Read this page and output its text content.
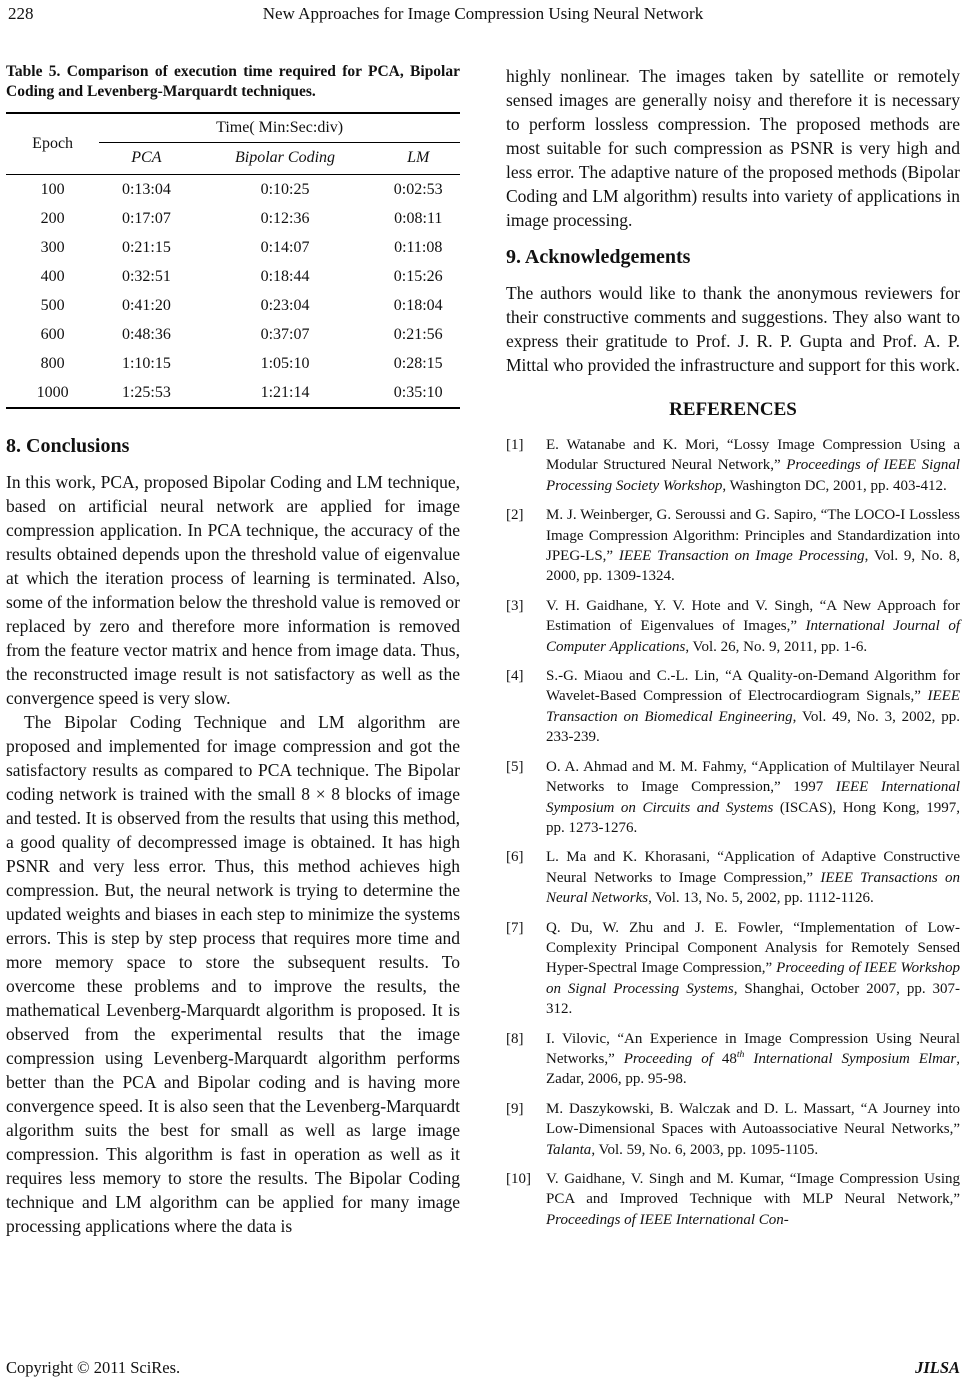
228	New Approaches for Image Compression Using Neural Network

Table 5. Comparison of execution time required for PCA, Bipolar Coding and Levenberg-Marquardt techniques.

Epoch	Time( Min:Sec:div)		
	PCA	Bipolar Coding	LM
100	0:13:04	0:10:25	0:02:53
200	0:17:07	0:12:36	0:08:11
300	0:21:15	0:14:07	0:11:08
400	0:32:51	0:18:44	0:15:26
500	0:41:20	0:23:04	0:18:04
600	0:48:36	0:37:07	0:21:56
800	1:10:15	1:05:10	0:28:15
1000	1:25:53	1:21:14	0:35:10
8. Conclusions

In this work, PCA, proposed Bipolar Coding and LM technique, based on artificial neural network are applied for image compression application. In PCA technique, the accuracy of the results obtained depends upon the threshold value of eigenvalue at which the iteration process of learning is terminated. Also, some of the information below the threshold value is removed or replaced by zero and therefore more information is removed from the feature vector matrix and hence from image data. Thus, the reconstructed image result is not satisfactory as well as the convergence speed is very slow.

The Bipolar Coding Technique and LM algorithm are proposed and implemented for image compression and got the satisfactory results as compared to PCA technique. The Bipolar coding network is trained with the small 8 × 8 blocks of image and tested. It is observed from the results that using this method, a good quality of decompressed image is obtained. It has high PSNR and very less error. Thus, this method achieves high compression. But, the neural network is trying to determine the updated weights and biases in each step to minimize the systems errors. This is step by step process that requires more time and more memory space to store the subsequent results. To overcome these problems and to improve the results, the mathematical Levenberg-Marquardt algorithm is proposed. It is observed from the experimental results that the image compression using Levenberg-Marquardt algorithm performs better than the PCA and Bipolar coding and is having more convergence speed. It is also seen that the Levenberg-Marquardt algorithm suits the best for small as well as large image compression. This algorithm is fast in operation as well as it requires less memory to store the results. The Bipolar Coding technique and LM algorithm can be applied for many image processing applications where the data is

highly nonlinear. The images taken by satellite or remotely sensed images are generally noisy and therefore it is necessary to perform lossless compression. The proposed methods are most suitable for such compression as PSNR is very high and less error. The adaptive nature of the proposed methods (Bipolar Coding and LM algorithm) results into variety of applications in image processing.

9. Acknowledgements

The authors would like to thank the anonymous reviewers for their constructive comments and suggestions. They also want to express their gratitude to Prof. J. R. P. Gupta and Prof. A. P. Mittal who provided the infrastructure and support for this work.

REFERENCES
[1]	E. Watanabe and K. Mori, “Lossy Image Compression Using a Modular Structured Neural Network,” Proceedings of IEEE Signal Processing Society Workshop, Washington DC, 2001, pp. 403-412.
[2]	M. J. Weinberger, G. Seroussi and G. Sapiro, “The LOCO-I Lossless Image Compression Algorithm: Principles and Standardization into JPEG-LS,” IEEE Transaction on Image Processing, Vol. 9, No. 8, 2000, pp. 1309-1324.
[3]	V. H. Gaidhane, Y. V. Hote and V. Singh, “A New Approach for Estimation of Eigenvalues of Images,” International Journal of Computer Applications, Vol. 26, No. 9, 2011, pp. 1-6.
[4]	S.-G. Miaou and C.-L. Lin, “A Quality-on-Demand Algorithm for Wavelet-Based Compression of Electrocardiogram Signals,” IEEE Transaction on Biomedical Engineering, Vol. 49, No. 3, 2002, pp. 233-239.
[5]	O. A. Ahmad and M. M. Fahmy, “Application of Multilayer Neural Networks to Image Compression,” 1997 IEEE International Symposium on Circuits and Systems (ISCAS), Hong Kong, 1997, pp. 1273-1276.
[6]	L. Ma and K. Khorasani, “Application of Adaptive Constructive Neural Networks to Image Compression,” IEEE Transactions on Neural Networks, Vol. 13, No. 5, 2002, pp. 1112-1126.
[7]	Q. Du, W. Zhu and J. E. Fowler, “Implementation of Low-Complexity Principal Component Analysis for Remotely Sensed Hyper-Spectral Image Compression,” Proceeding of IEEE Workshop on Signal Processing Systems, Shanghai, October 2007, pp. 307-312.
[8]	I. Vilovic, “An Experience in Image Compression Using Neural Networks,” Proceeding of 48th International Symposium Elmar, Zadar, 2006, pp. 95-98.
[9]	M. Daszykowski, B. Walczak and D. L. Massart, “A Journey into Low-Dimensional Spaces with Autoassociative Neural Networks,” Talanta, Vol. 59, No. 6, 2003, pp. 1095-1105.
[10]	V. Gaidhane, V. Singh and M. Kumar, “Image Compression Using PCA and Improved Technique with MLP Neural Network,” Proceedings of IEEE International Con-
Copyright © 2011 SciRes.	JILSA
